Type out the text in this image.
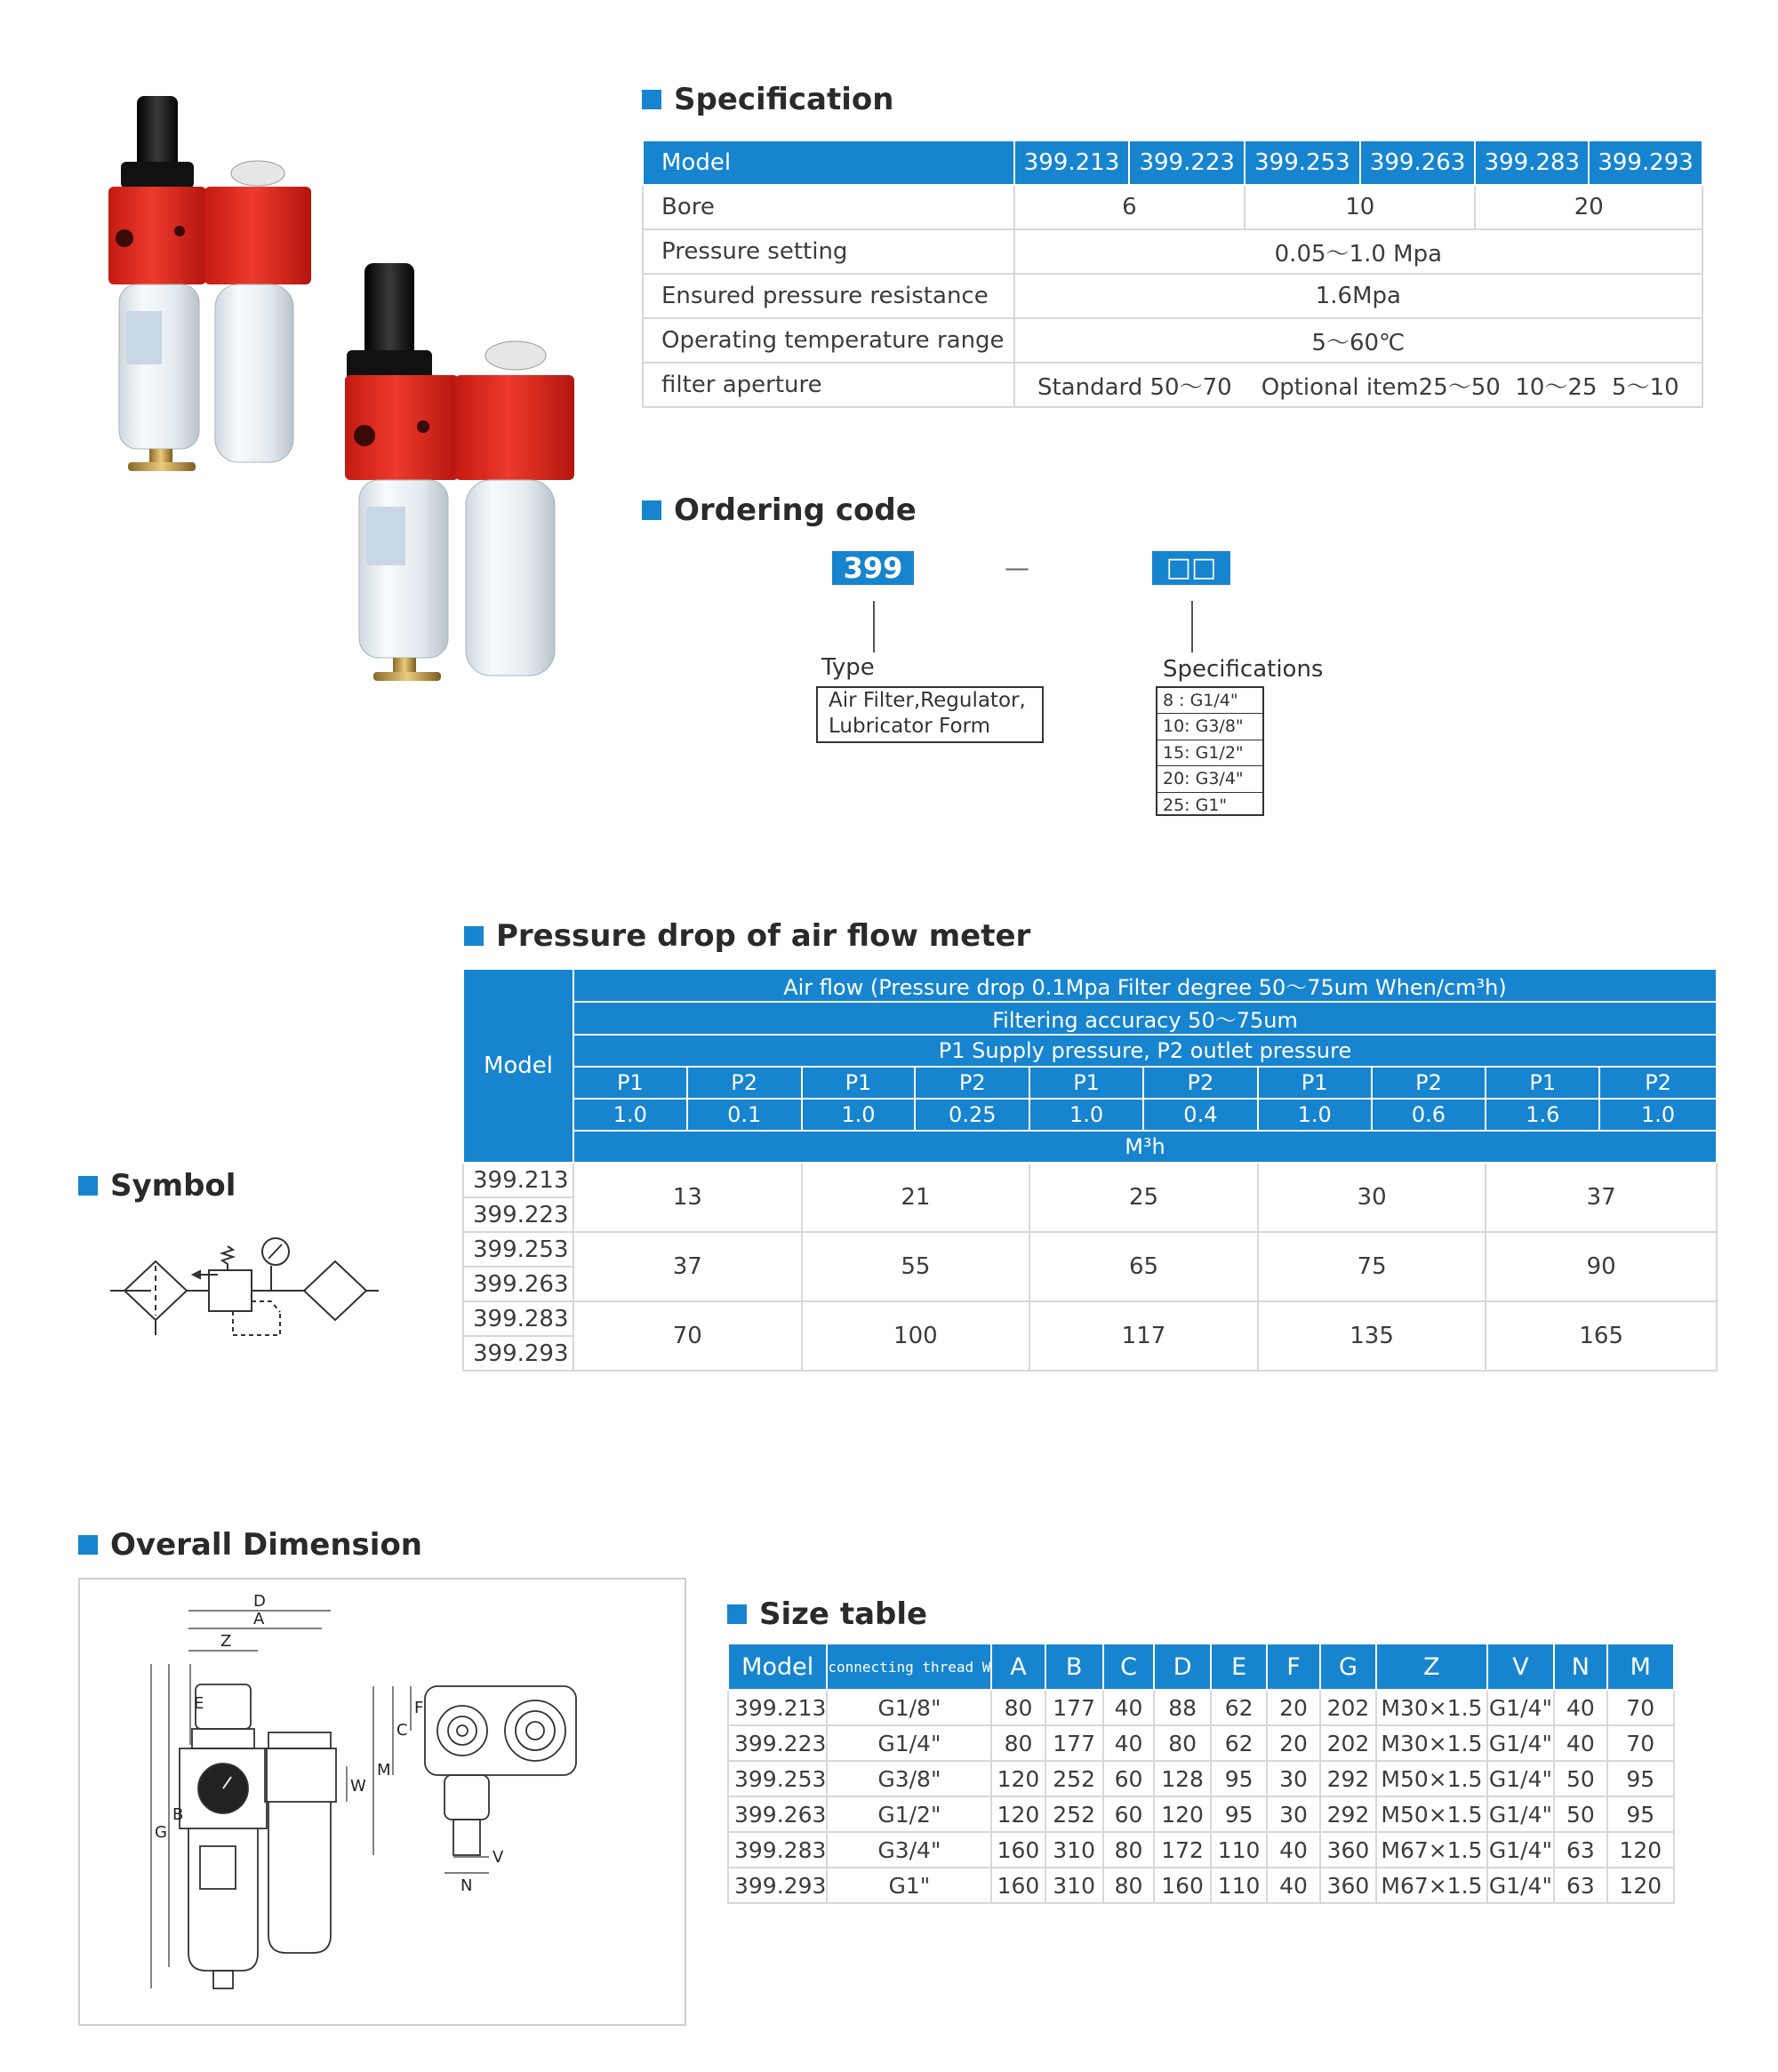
Specification
Model	399.213	399.223	399.253	399.263	399.283	399.293
Bore	6		10		20	
Pressure setting	0.05～1.0 Mpa					
Ensured pressure resistance	1.6Mpa					
Operating temperature range	5～60℃					
filter aperture	Standard 50～70    Optional item25～50  10～25  5～10					
Ordering code
399	—	□□
Type
Air Filter,Regulator,
Lubricator Form
Specifications
8 : G1/4"
10: G3/8"
15: G1/2"
20: G3/4"
25: G1"
Pressure drop of air flow meter
Model	Air flow (Pressure drop 0.1Mpa Filter degree 50～75um When/cm³h)									
	Filtering accuracy 50～75um									
	P1 Supply pressure, P2 outlet pressure									
	P1	P2	P1	P2	P1	P2	P1	P2	P1	P2
	1.0	0.1	1.0	0.25	1.0	0.4	1.0	0.6	1.6	1.0
	M³h									
399.213	13		21		25		30		37	
399.223										
399.253	37		55		65		75		90	
399.263										
399.283	70		100		117		135		165	
399.293										
Symbol
Overall Dimension
D
A
Z
E
B
G
W
M
C
F
N
V
Size table
Model	connecting thread W	A	B	C	D	E	F	G	Z	V	N	M
399.213	G1/8"	80	177	40	88	62	20	202	M30×1.5	G1/4"	40	70
399.223	G1/4"	80	177	40	80	62	20	202	M30×1.5	G1/4"	40	70
399.253	G3/8"	120	252	60	128	95	30	292	M50×1.5	G1/4"	50	95
399.263	G1/2"	120	252	60	120	95	30	292	M50×1.5	G1/4"	50	95
399.283	G3/4"	160	310	80	172	110	40	360	M67×1.5	G1/4"	63	120
399.293	G1"	160	310	80	160	110	40	360	M67×1.5	G1/4"	63	120
